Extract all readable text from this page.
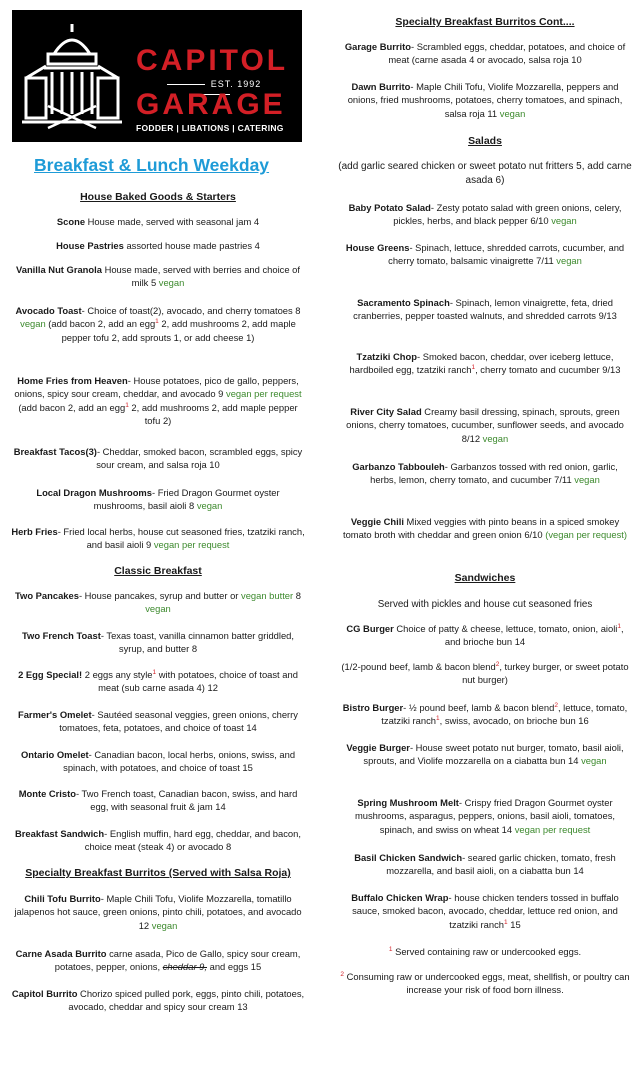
CAPITOL
EST. 1992
GARAGE
FODDER | LIBATIONS | CATERING
Breakfast & Lunch Weekday
House Baked Goods & Starters
Scone House made, served with seasonal jam 4
House Pastries assorted house made pastries 4
Vanilla Nut Granola House made, served with berries and choice of milk 5 vegan
Avocado Toast- Choice of toast(2), avocado, and cherry tomatoes 8 vegan (add bacon 2, add an egg$^1$ 2, add mushrooms 2, add maple pepper tofu 2, add sprouts 1, or add cheese 1)
Home Fries from Heaven- House potatoes, pico de gallo, peppers, onions, spicy sour cream, cheddar, and avocado 9 vegan per request (add bacon 2, add an egg$^1$ 2, add mushrooms 2, add maple pepper tofu 2)
Breakfast Tacos(3)- Cheddar, smoked bacon, scrambled eggs, spicy sour cream, and salsa roja 10
Local Dragon Mushrooms- Fried Dragon Gourmet oyster mushrooms, basil aioli 8 vegan
Herb Fries- Fried local herbs, house cut seasoned fries, tzatziki ranch, and basil aioli 9 vegan per request
Classic Breakfast
Two Pancakes- House pancakes, syrup and butter or vegan butter 8 vegan
Two French Toast- Texas toast, vanilla cinnamon batter griddled, syrup, and butter 8
2 Egg Special! 2 eggs any style$^1$ with potatoes, choice of toast and meat (sub carne asada 4) 12
Farmer's Omelet- Sautéed seasonal veggies, green onions, cherry tomatoes, feta, potatoes, and choice of toast 14
Ontario Omelet- Canadian bacon, local herbs, onions, swiss, and spinach, with potatoes, and choice of toast 15
Monte Cristo- Two French toast, Canadian bacon, swiss, and hard egg, with seasonal fruit & jam 14
Breakfast Sandwich- English muffin, hard egg, cheddar, and bacon, choice meat (steak 4) or avocado 8
Specialty Breakfast Burritos (Served with Salsa Roja)
Chili Tofu Burrito- Maple Chili Tofu, Violife Mozzarella, tomatillo jalapenos hot sauce, green onions, pinto chili, potatoes, and avocado 12 vegan
Carne Asada Burrito carne asada, Pico de Gallo, spicy sour cream, potatoes, pepper, onions, cheddar 9, and eggs 15
Capitol Burrito Chorizo spiced pulled pork, eggs, pinto chili, potatoes, avocado, cheddar and spicy sour cream 13
Specialty Breakfast Burritos Cont....
Garage Burrito- Scrambled eggs, cheddar, potatoes, and choice of meat (carne asada 4 or avocado, salsa roja 10
Dawn Burrito- Maple Chili Tofu, Violife Mozzarella, peppers and onions, fried mushrooms, potatoes, cherry tomatoes, and spinach, salsa roja 11 vegan
Salads
(add garlic seared chicken or sweet potato nut fritters 5, add carne asada 6)
Baby Potato Salad- Zesty potato salad with green onions, celery, pickles, herbs, and black pepper 6/10 vegan
House Greens- Spinach, lettuce, shredded carrots, cucumber, and cherry tomato, balsamic vinaigrette 7/11 vegan
Sacramento Spinach- Spinach, lemon vinaigrette, feta, dried cranberries, pepper toasted walnuts, and shredded carrots 9/13
Tzatziki Chop- Smoked bacon, cheddar, over iceberg lettuce, hardboiled egg, tzatziki ranch$^1$, cherry tomato and cucumber 9/13
River City Salad Creamy basil dressing, spinach, sprouts, green onions, cherry tomatoes, cucumber, sunflower seeds, and avocado 8/12 vegan
Garbanzo Tabbouleh- Garbanzos tossed with red onion, garlic, herbs, lemon, cherry tomato, and cucumber 7/11 vegan
Veggie Chili Mixed veggies with pinto beans in a spiced smokey tomato broth with cheddar and green onion 6/10 (vegan per request)
Sandwiches
Served with pickles and house cut seasoned fries
CG Burger Choice of patty & cheese, lettuce, tomato, onion, aioli$^1$, and brioche bun 14
(1/2-pound beef, lamb & bacon blend$^2$, turkey burger, or sweet potato nut burger)
Bistro Burger- ½ pound beef, lamb & bacon blend$^2$, lettuce, tomato, tzatziki ranch$^1$, swiss, avocado, on brioche bun 16
Veggie Burger- House sweet potato nut burger, tomato, basil aioli, sprouts, and Violife mozzarella on a ciabatta bun 14 vegan
Spring Mushroom Melt- Crispy fried Dragon Gourmet oyster mushrooms, asparagus, peppers, onions, basil aioli, tomatoes, spinach, and swiss on wheat 14 vegan per request
Basil Chicken Sandwich- seared garlic chicken, tomato, fresh mozzarella, and basil aioli, on a ciabatta bun 14
Buffalo Chicken Wrap- house chicken tenders tossed in buffalo sauce, smoked bacon, avocado, cheddar, lettuce red onion, and tzatziki ranch$^1$ 15
$^1$ Served containing raw or undercooked eggs.
$^2$ Consuming raw or undercooked eggs, meat, shellfish, or poultry can increase your risk of food born illness.
